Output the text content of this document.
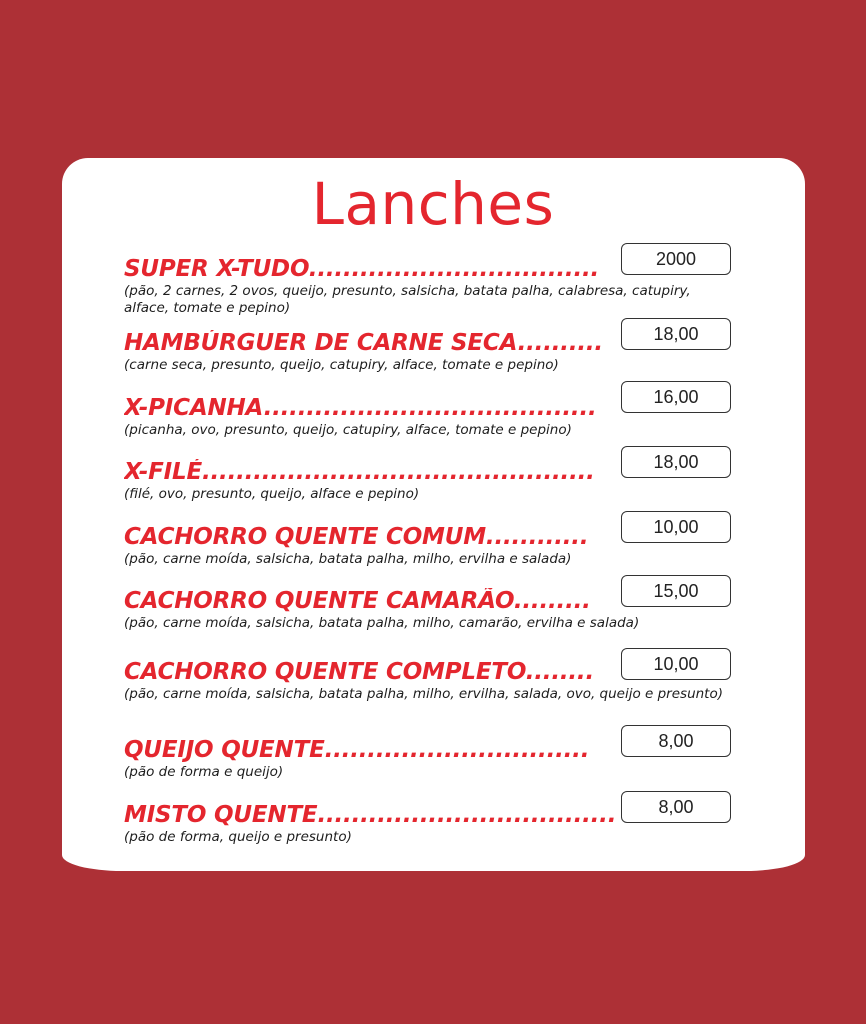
Lanches
SUPER X-TUDO..................................
(pão, 2 carnes, 2 ovos, queijo, presunto, salsicha, batata palha, calabresa, catupiry, alface, tomate e pepino)
2000
HAMBÚRGUER DE CARNE SECA..........
(carne seca, presunto, queijo, catupiry, alface, tomate e pepino)
18,00
X-PICANHA.......................................
(picanha, ovo, presunto, queijo, catupiry, alface, tomate e pepino)
16,00
X-FILÉ..............................................
(filé, ovo, presunto, queijo, alface e pepino)
18,00
CACHORRO QUENTE COMUM............
(pão, carne moída, salsicha, batata palha, milho, ervilha e salada)
10,00
CACHORRO QUENTE CAMARÃO.........
(pão, carne moída, salsicha, batata palha, milho, camarão, ervilha e salada)
15,00
CACHORRO QUENTE COMPLETO........
(pão, carne moída, salsicha, batata palha, milho, ervilha, salada, ovo, queijo e presunto)
10,00
QUEIJO QUENTE...............................
(pão de forma e queijo)
8,00
MISTO QUENTE...................................
(pão de forma, queijo e presunto)
8,00
